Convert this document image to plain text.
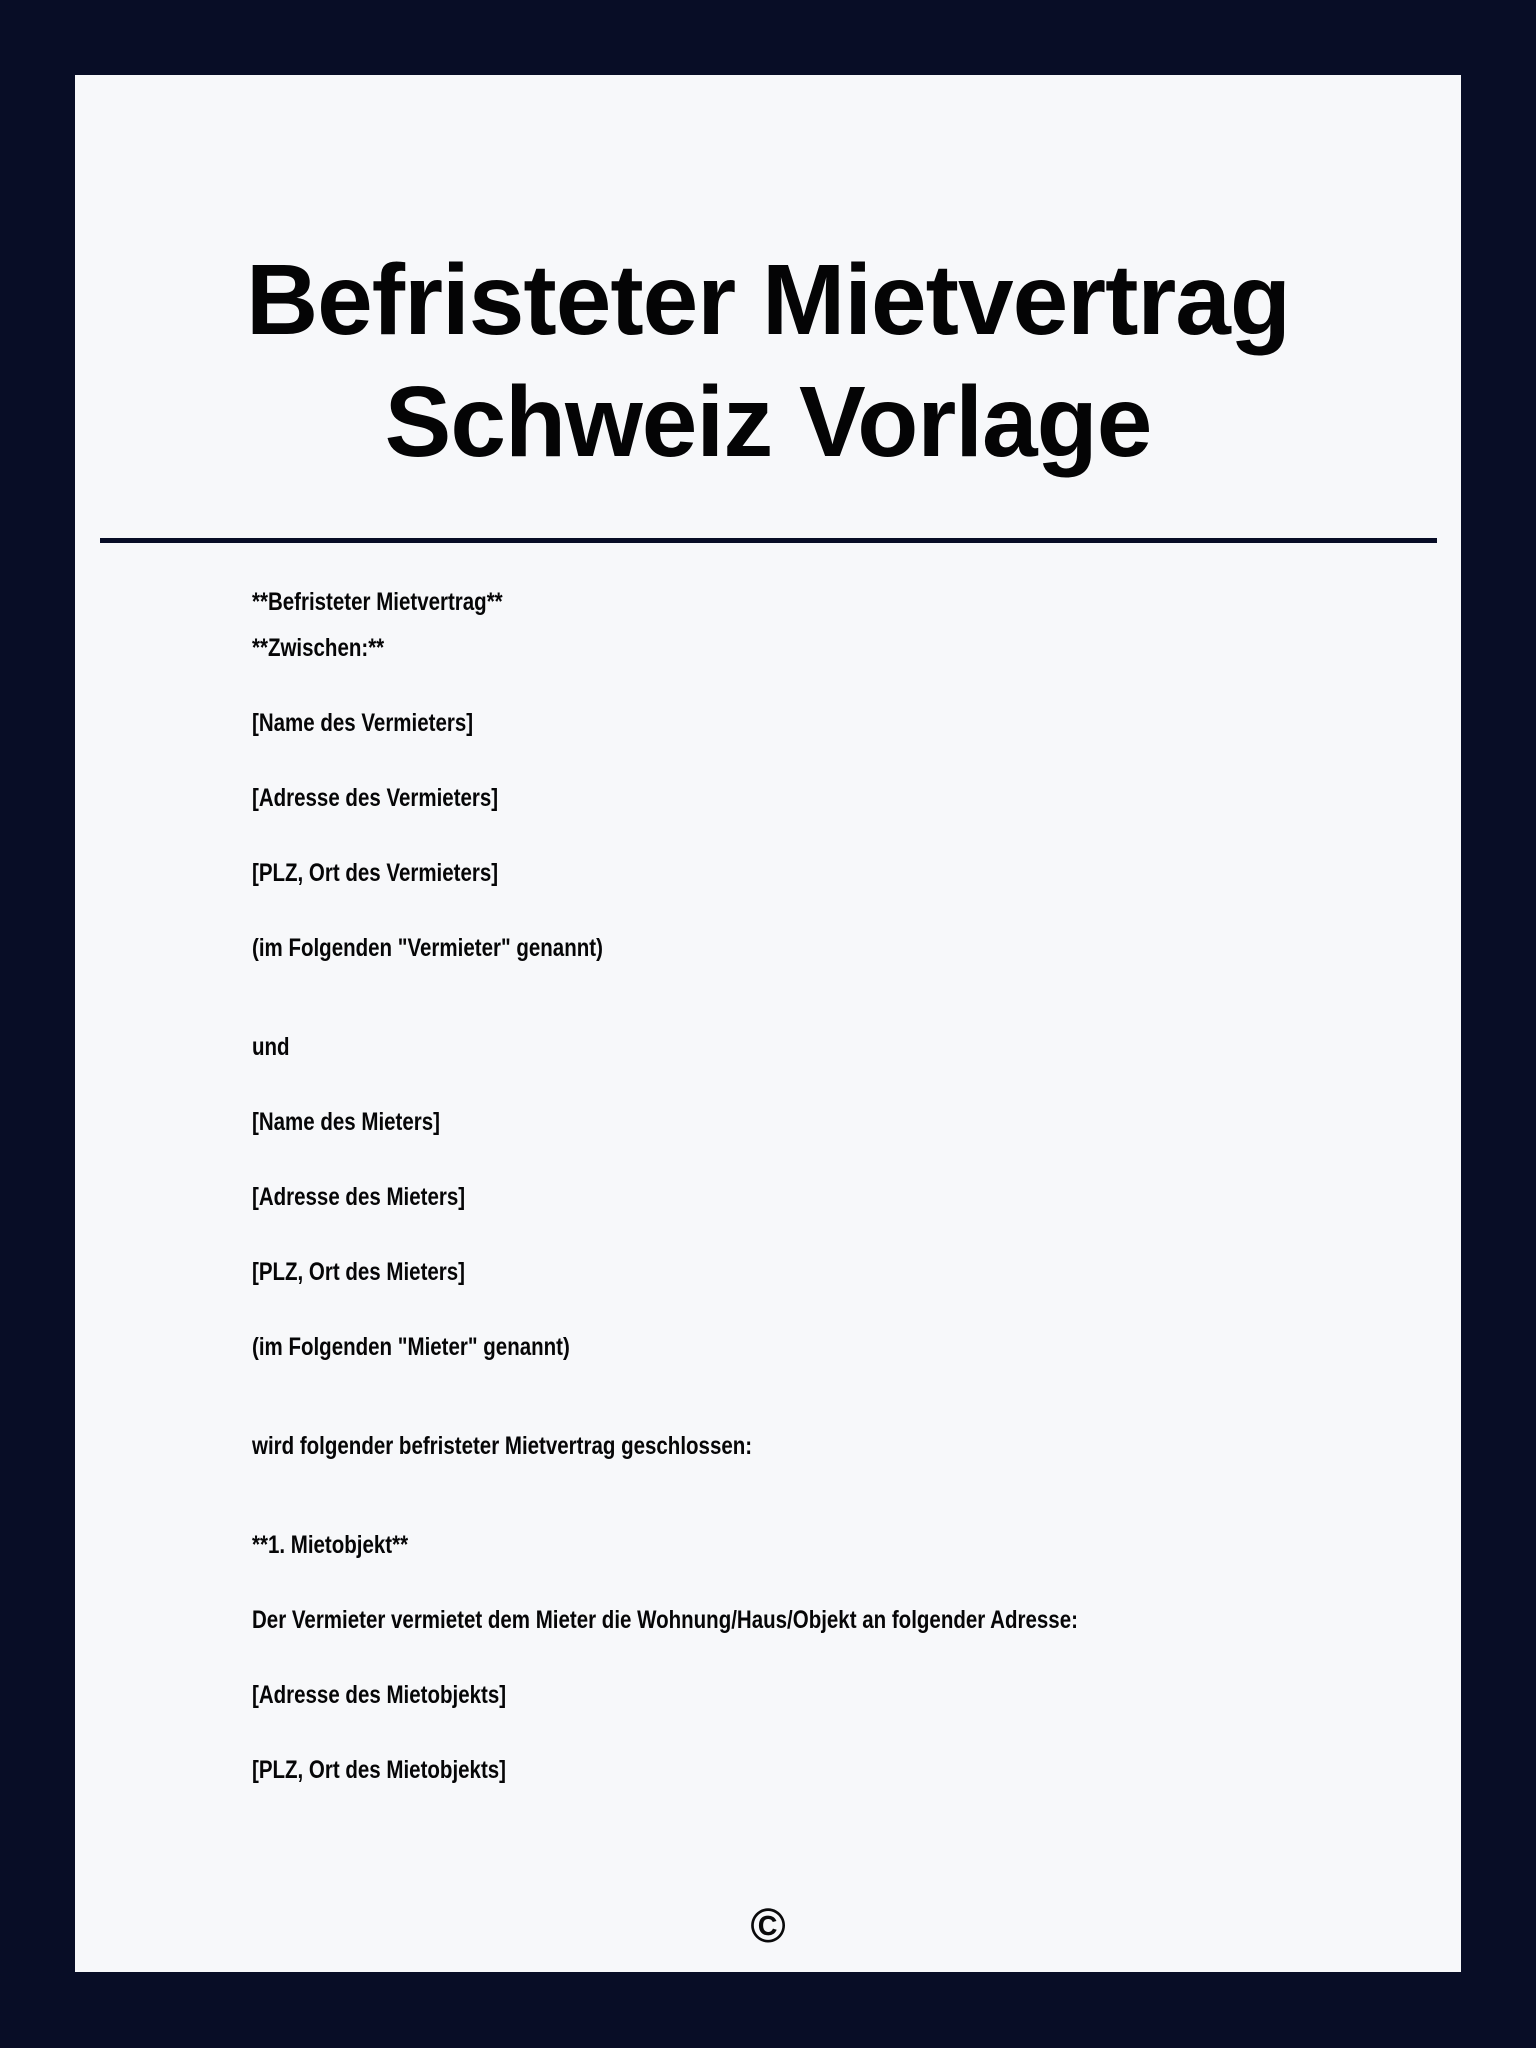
Befristeter Mietvertrag
Schweiz Vorlage

**Befristeter Mietvertrag**

**Zwischen:**

[Name des Vermieters]

[Adresse des Vermieters]

[PLZ, Ort des Vermieters]

(im Folgenden "Vermieter" genannt)

und

[Name des Mieters]

[Adresse des Mieters]

[PLZ, Ort des Mieters]

(im Folgenden "Mieter" genannt)

wird folgender befristeter Mietvertrag geschlossen:

**1. Mietobjekt**

Der Vermieter vermietet dem Mieter die Wohnung/Haus/Objekt an folgender Adresse:

[Adresse des Mietobjekts]

[PLZ, Ort des Mietobjekts]

©
